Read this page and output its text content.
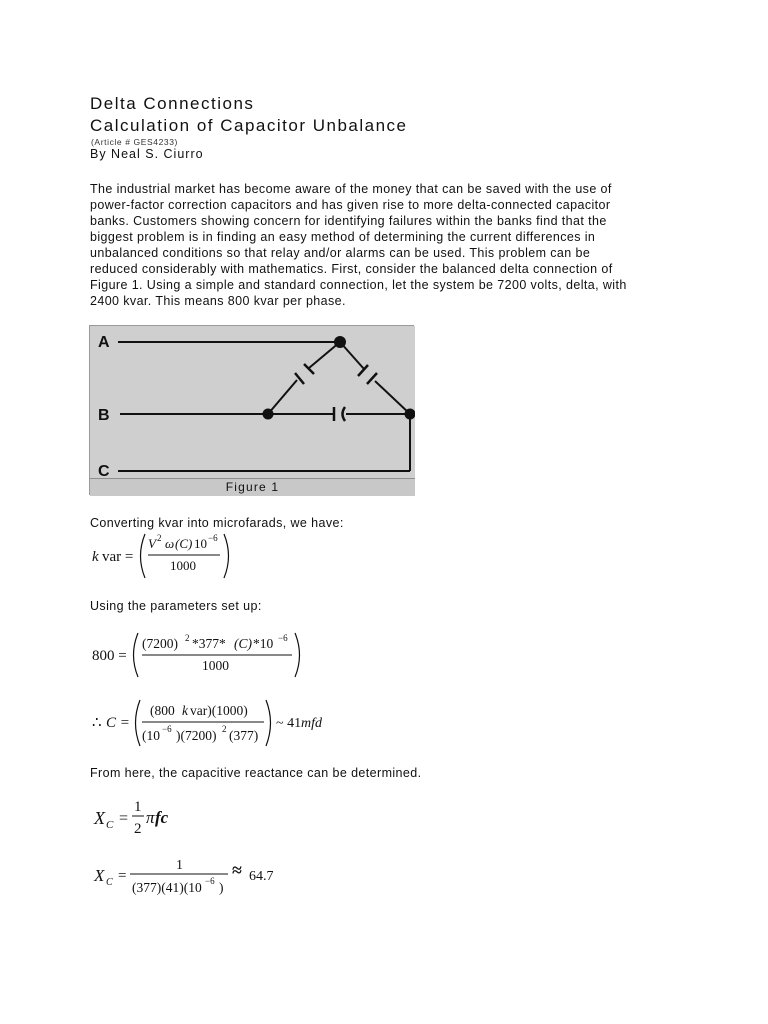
Delta Connections
Calculation of Capacitor Unbalance
(Article # GES4233)
By Neal S. Ciurro
The industrial market has become aware of the money that can be saved with the use of
power-factor correction capacitors and has given rise to more delta-connected capacitor
banks. Customers showing concern for identifying failures within the banks find that the
biggest problem is in finding an easy method of determining the current differences in
unbalanced conditions so that relay and/or alarms can be used. This problem can be
reduced considerably with mathematics. First, consider the balanced delta connection of
Figure 1. Using a simple and standard connection, let the system be 7200 volts, delta, with
2400 kvar. This means 800 kvar per phase.
A
B
C
Figure 1
Converting kvar into microfarads, we have:
k var =
V 2 ω (C) 10 −6
1000
Using the parameters set up:
800 =
(7200) 2 *377* (C) *10 −6
1000
∴ C =
(800 k var)(1000)
(10 −6 )(7200) 2 (377)
~ 41 mfd
From here, the capacitive reactance can be determined.
X C =
1
2
π fc
X C =
1
(377)(41)(10 −6 )
≈ 64.7
